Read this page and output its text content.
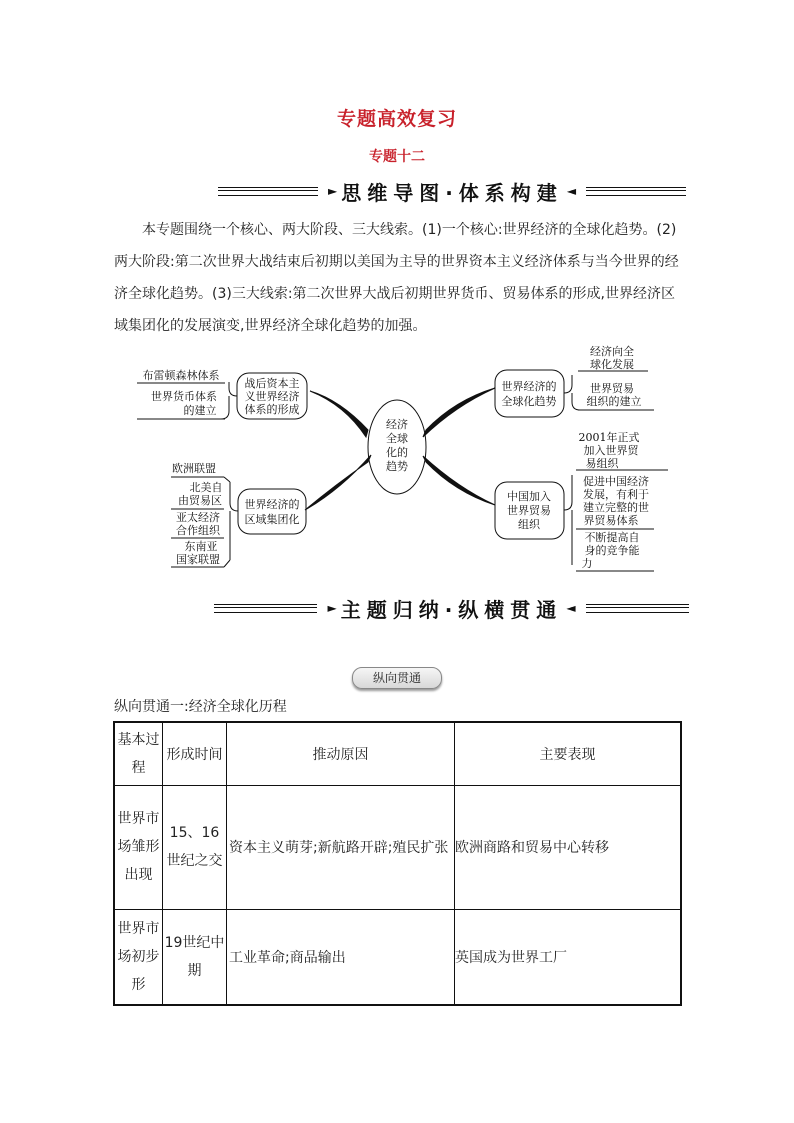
专题高效复习
专题十二
► 思维导图·体系构建 ◄
本专题围绕一个核心、两大阶段、三大线索。(1)一个核心:世界经济的全球化趋势。(2)两大阶段:第二次世界大战结束后初期以美国为主导的世界资本主义经济体系与当今世界的经济全球化趋势。(3)三大线索:第二次世界大战后初期世界货币、贸易体系的形成,世界经济区域集团化的发展演变,世界经济全球化趋势的加强。
经济
全球
化的
趋势
战后资本主
义世界经济
体系的形成
布雷顿森林体系
世界货币体系
的建立
世界经济的
区域集团化
欧洲联盟
北美自
由贸易区
亚太经济
合作组织
东南亚
国家联盟
世界经济的
全球化趋势
经济向全
球化发展
世界贸易
组织的建立
中国加入
世界贸易
组织
2001年正式
加入世界贸
易组织
促进中国经济
发展，有利于
建立完整的世
界贸易体系
不断提高自
身的竞争能
力
► 主题归纳·纵横贯通 ◄
纵向贯通
纵向贯通一:经济全球化历程
基本过程	形成时间	推动原因	主要表现
世界市场雏形出现	15、16世纪之交	资本主义萌芽;新航路开辟;殖民扩张	欧洲商路和贸易中心转移
世界市场初步形	19世纪中期	工业革命;商品输出	英国成为世界工厂
